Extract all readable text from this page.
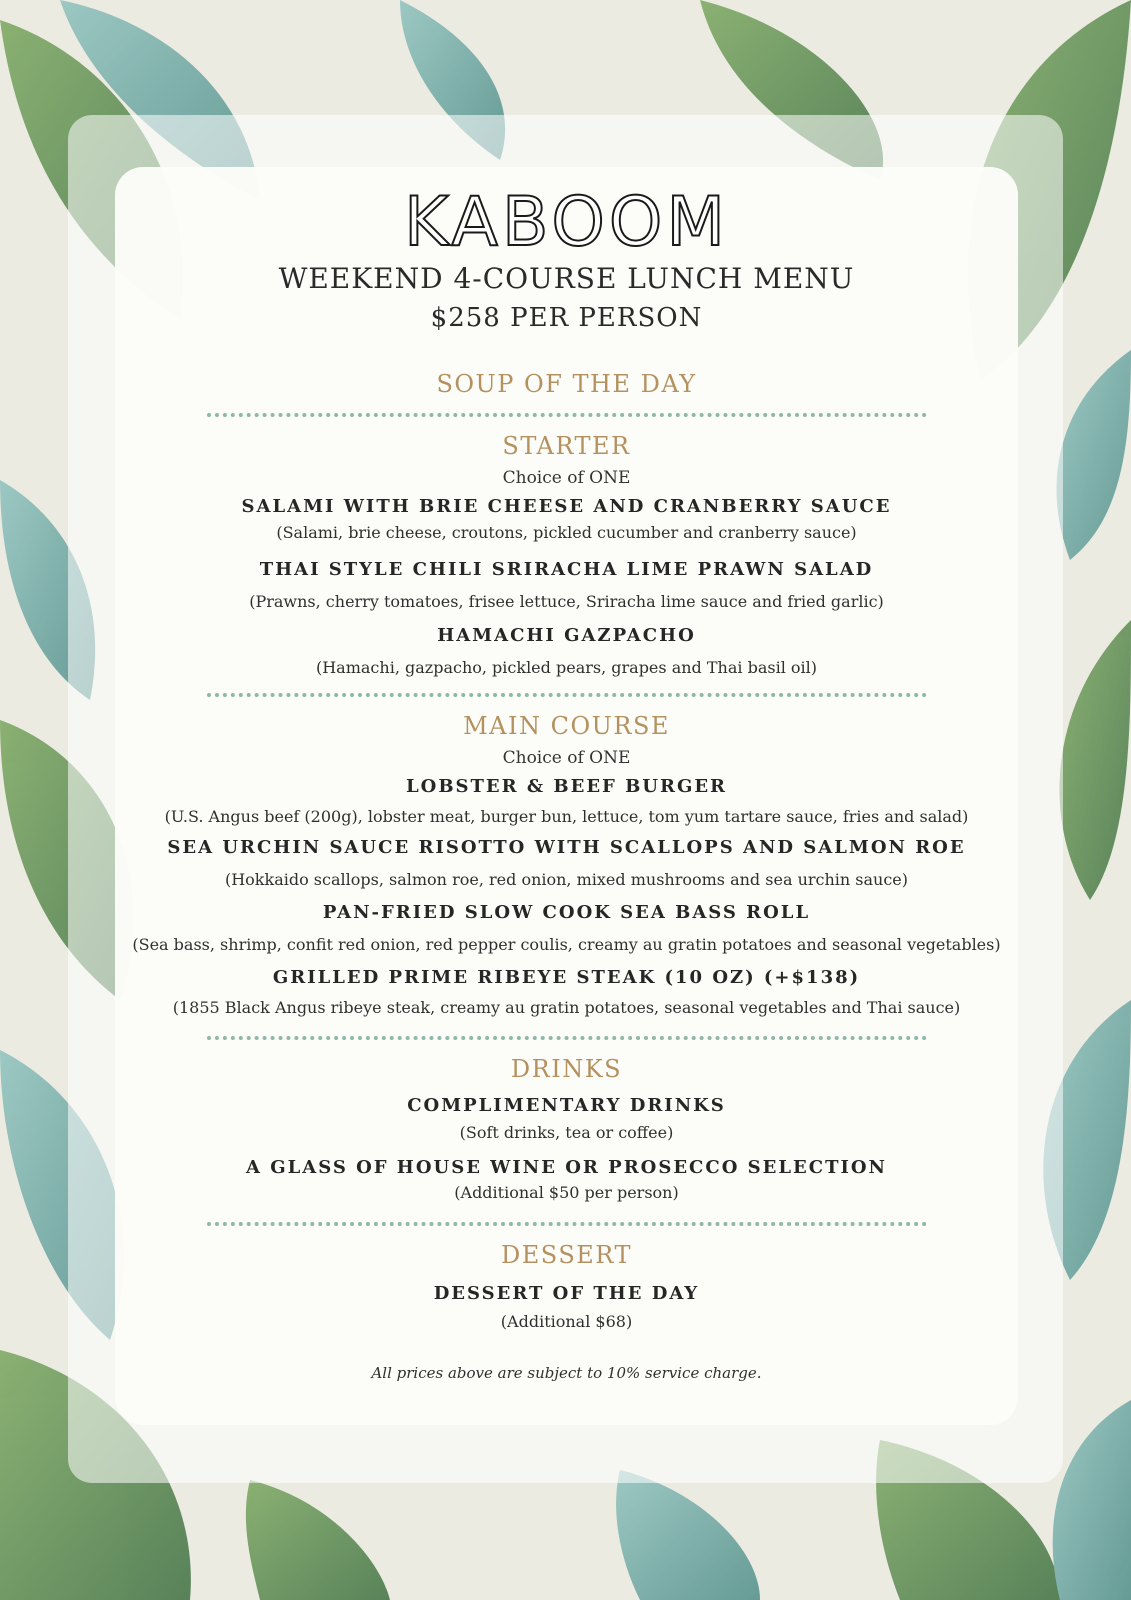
KABOOM
WEEKEND 4-COURSE LUNCH MENU
$258 PER PERSON
SOUP OF THE DAY
STARTER
Choice of ONE
SALAMI WITH BRIE CHEESE AND CRANBERRY SAUCE
(Salami, brie cheese, croutons, pickled cucumber and cranberry sauce)
THAI STYLE CHILI SRIRACHA LIME PRAWN SALAD
(Prawns, cherry tomatoes, frisee lettuce, Sriracha lime sauce and fried garlic)
HAMACHI GAZPACHO
(Hamachi, gazpacho, pickled pears, grapes and Thai basil oil)
MAIN COURSE
Choice of ONE
LOBSTER & BEEF BURGER
(U.S. Angus beef (200g), lobster meat, burger bun, lettuce, tom yum tartare sauce, fries and salad)
SEA URCHIN SAUCE RISOTTO WITH SCALLOPS AND SALMON ROE
(Hokkaido scallops, salmon roe, red onion, mixed mushrooms and sea urchin sauce)
PAN-FRIED SLOW COOK SEA BASS ROLL
(Sea bass, shrimp, confit red onion, red pepper coulis, creamy au gratin potatoes and seasonal vegetables)
GRILLED PRIME RIBEYE STEAK (10 OZ) (+$138)
(1855 Black Angus ribeye steak, creamy au gratin potatoes, seasonal vegetables and Thai sauce)
DRINKS
COMPLIMENTARY DRINKS
(Soft drinks, tea or coffee)
A GLASS OF HOUSE WINE OR PROSECCO SELECTION
(Additional $50 per person)
DESSERT
DESSERT OF THE DAY
(Additional $68)
All prices above are subject to 10% service charge.
